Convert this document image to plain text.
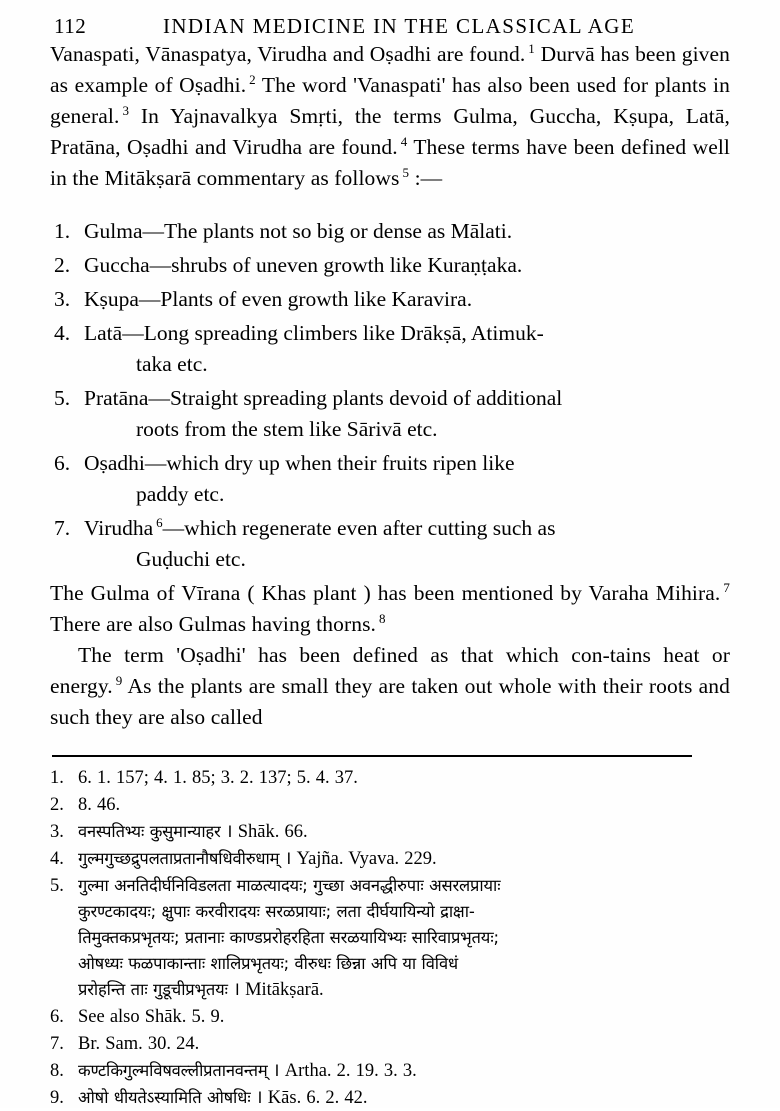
112	INDIAN MEDICINE IN THE CLASSICAL AGE

Vanaspati, Vānaspatya, Virudha and Oṣadhi are found. $^1$ Durvā has been given as example of Oṣadhi. $^2$ The word 'Vanaspati' has also been used for plants in general. $^3$ In Yajnavalkya Smṛti, the terms Gulma, Guccha, Kṣupa, Latā, Pratāna, Oṣadhi and Virudha are found. $^4$ These terms have been defined well in the Mitākṣarā commentary as follows $^5$ :—

1. Gulma—The plants not so big or dense as Mālati.
2. Guccha—shrubs of uneven growth like Kuraṇṭaka.
3. Kṣupa—Plants of even growth like Karavira.
4. Latā—Long spreading climbers like Drākṣā, Atimuk-
taka etc.
5. Pratāna—Straight spreading plants devoid of additional
roots from the stem like Sārivā etc.
6. Oṣadhi—which dry up when their fruits ripen like
paddy etc.
7. Virudha $^6$—which regenerate even after cutting such as
Guḍuchi etc.

The Gulma of Vīrana ( Khas plant ) has been mentioned by Varaha Mihira. $^7$ There are also Gulmas having thorns. $^8$

The term 'Oṣadhi' has been defined as that which con-tains heat or energy. $^9$ As the plants are small they are taken out whole with their roots and such they are also called

1. 6. 1. 157; 4. 1. 85; 3. 2. 137; 5. 4. 37.
2. 8. 46.
3. वनस्पतिभ्यः कुसुमान्याहर । Shāk. 66.
4. गुल्मगुच्छद्रुपलताप्रतानौषधिवीरुधाम् । Yajña. Vyava. 229.
5. गुल्मा अनतिदीर्घनिविडलता माळत्यादयः; गुच्छा अवनद्धीरुपाः असरलप्रायाः
कुरण्टकादयः; क्षुपाः करवीरादयः सरळप्रायाः; लता दीर्घयायिन्यो द्राक्षा-
तिमुक्तकप्रभृतयः; प्रतानाः काण्डप्ररोहरहिता सरळयायिभ्यः सारिवाप्रभृतयः;
ओषध्यः फळपाकान्ताः शालिप्रभृतयः; वीरुधः छिन्ना अपि या विविधं
प्ररोहन्ति ताः गुडूचीप्रभृतयः । Mitākṣarā.
6. See also Shāk. 5. 9.
7. Br. Sam. 30. 24.
8. कण्टकिगुल्मविषवल्लीप्रतानवन्तम् । Artha. 2. 19. 3. 3.
9. ओषो धीयतेऽस्यामिति ओषधिः । Kās. 6. 2. 42.
